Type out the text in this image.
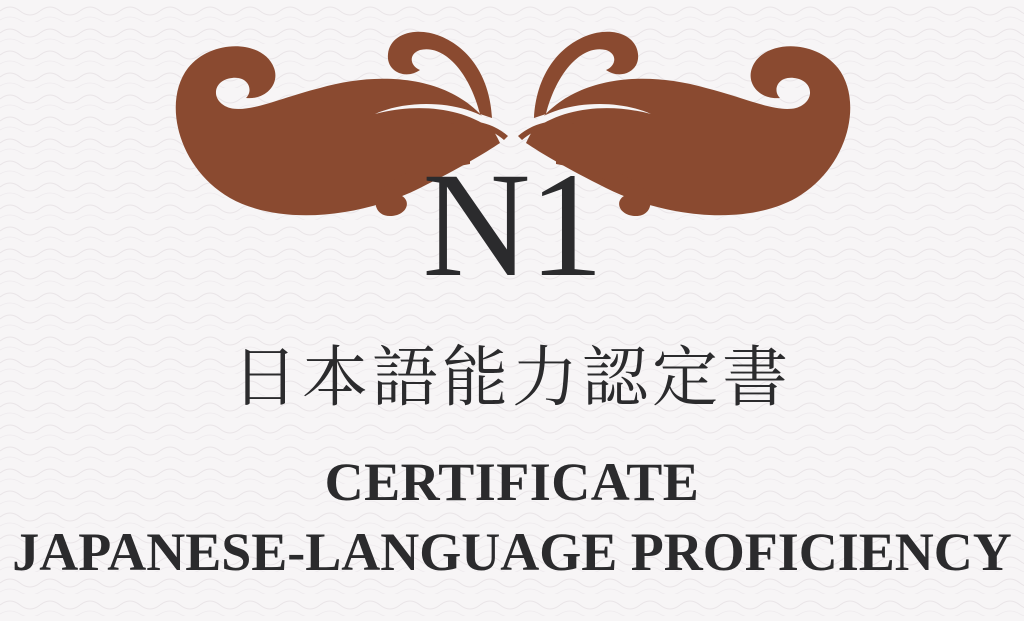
N1
日本語能力認定書
CERTIFICATE
JAPANESE-LANGUAGE PROFICIENCY
